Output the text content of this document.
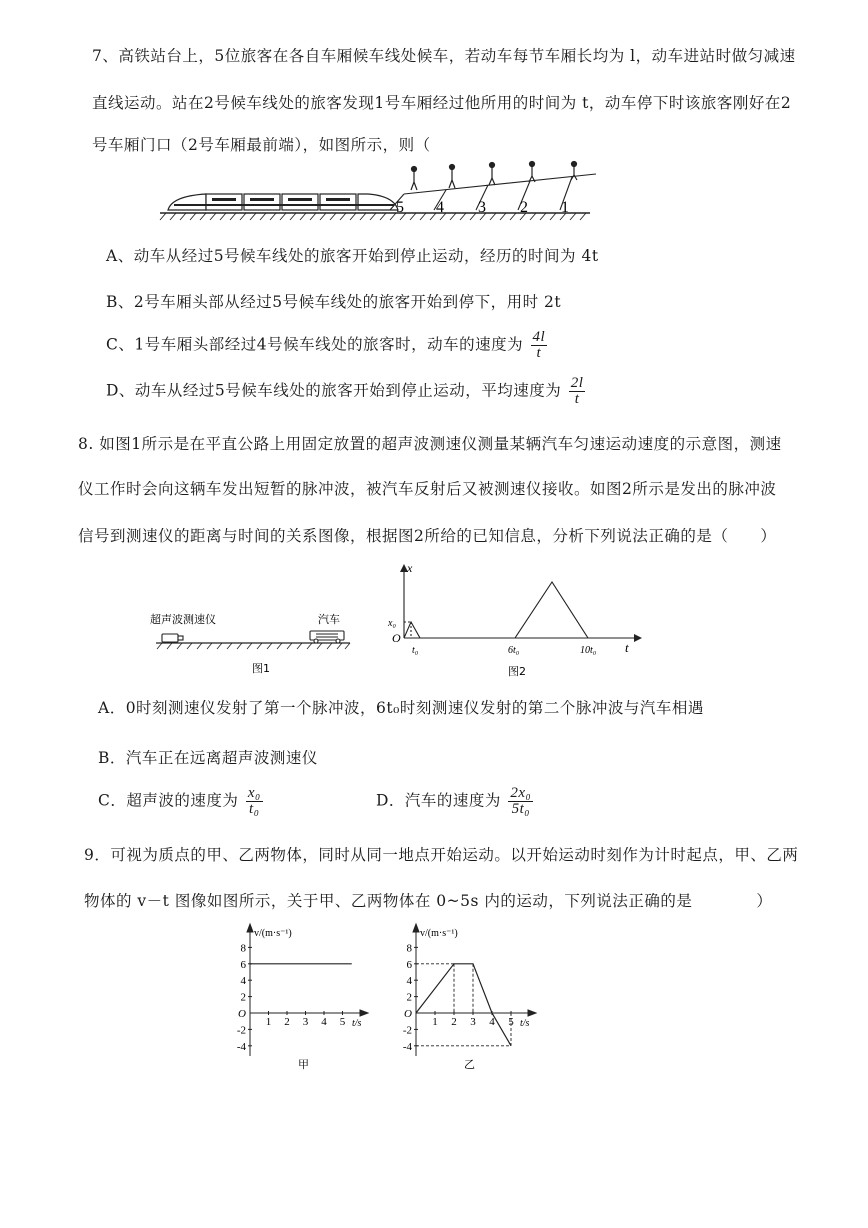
7、高铁站台上，5位旅客在各自车厢候车线处候车，若动车每节车厢长均为 l，动车进站时做匀减速
直线运动。站在2号候车线处的旅客发现1号车厢经过他所用的时间为 t，动车停下时该旅客刚好在2
号车厢门口（2号车厢最前端），如图所示，则（
5 4 3 2 1
A、动车从经过5号候车线处的旅客开始到停止运动，经历的时间为 4t
B、2号车厢头部从经过5号候车线处的旅客开始到停下，用时 2t
C、1号车厢头部经过4号候车线处的旅客时，动车的速度为 $\frac{4l}{t}$
D、动车从经过5号候车线处的旅客开始到停止运动，平均速度为 $\frac{2l}{t}$
8. 如图1所示是在平直公路上用固定放置的超声波测速仪测量某辆汽车匀速运动速度的示意图，测速
仪工作时会向这辆车发出短暂的脉冲波，被汽车反射后又被测速仪接收。如图2所示是发出的脉冲波
信号到测速仪的距离与时间的关系图像，根据图2所给的已知信息，分析下列说法正确的是（　　）
超声波测速仪	汽车
图1
x
t
O
x₀
t₀	6t₀	10t₀
图2
A．0时刻测速仪发射了第一个脉冲波，6t₀时刻测速仪发射的第二个脉冲波与汽车相遇
B．汽车正在远离超声波测速仪
C．超声波的速度为 $\frac{\text{x₀}}{\text{t₀}}$	D．汽车的速度为 $\frac{\text{2x₀}}{\text{5t₀}}$
9．可视为质点的甲、乙两物体，同时从同一地点开始运动。以开始运动时刻作为计时起点，甲、乙两
物体的 v－t 图像如图所示，关于甲、乙两物体在 0~5s 内的运动，下列说法正确的是　　　　）
v/(m·s⁻¹)
t/s
8
6
4
2
O
-2
-4
1 2 3 4 5
甲
v/(m·s⁻¹)
t/s
8
6
4
2
O
-2
-4
1 2 3 4 5
乙
